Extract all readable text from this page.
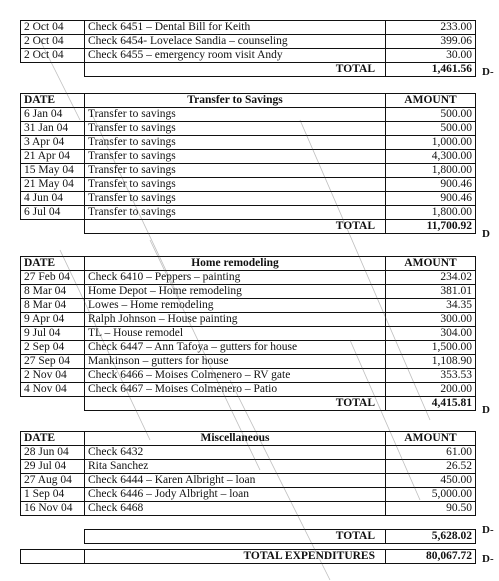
2 Oct 04	Check 6451 – Dental Bill for Keith	233.00
2 Oct 04	Check 6454- Lovelace Sandia – counseling	399.06
2 Oct 04	Check 6455 – emergency room visit Andy	30.00
	TOTAL	1,461.56 D-
DATE	Transfer to Savings	AMOUNT
6 Jan 04	Transfer to savings	500.00
31 Jan 04	Transfer to savings	500.00
3 Apr 04	Transfer to savings	1,000.00
21 Apr 04	Transfer to savings	4,300.00
15 May 04	Transfer to savings	1,800.00
21 May 04	Transfer to savings	900.46
4 Jun 04	Transfer to savings	900.46
6 Jul 04	Transfer to savings	1,800.00
	TOTAL	11,700.92
D
DATE	Home remodeling	AMOUNT
27 Feb 04	Check 6410 – Peppers – painting	234.02
8 Mar 04	Home Depot – Home remodeling	381.01
8 Mar 04	Lowes – Home remodeling	34.35
9 Apr 04	Ralph Johnson – House painting	300.00
9 Jul 04	TL – House remodel	304.00
2 Sep 04	Check 6447 – Ann Tafoya – gutters for house	1,500.00
27 Sep 04	Mankinson – gutters for house	1,108.90
2 Nov 04	Check 6466 – Moises Colmenero – RV gate	353.53
4 Nov 04	Check 6467 – Moises Colmenero – Patio	200.00
	TOTAL	4,415.81
D
DATE	Miscellaneous	AMOUNT
28 Jun 04	Check 6432	61.00
29 Jul 04	Rita Sanchez	26.52
27 Aug 04	Check 6444 – Karen Albright – loan	450.00
1 Sep 04	Check 6446 – Jody Albright – loan	5,000.00
16 Nov 04	Check 6468	90.50

	TOTAL	5,628.02 D-
	TOTAL EXPENDITURES	80,067.72 D-
